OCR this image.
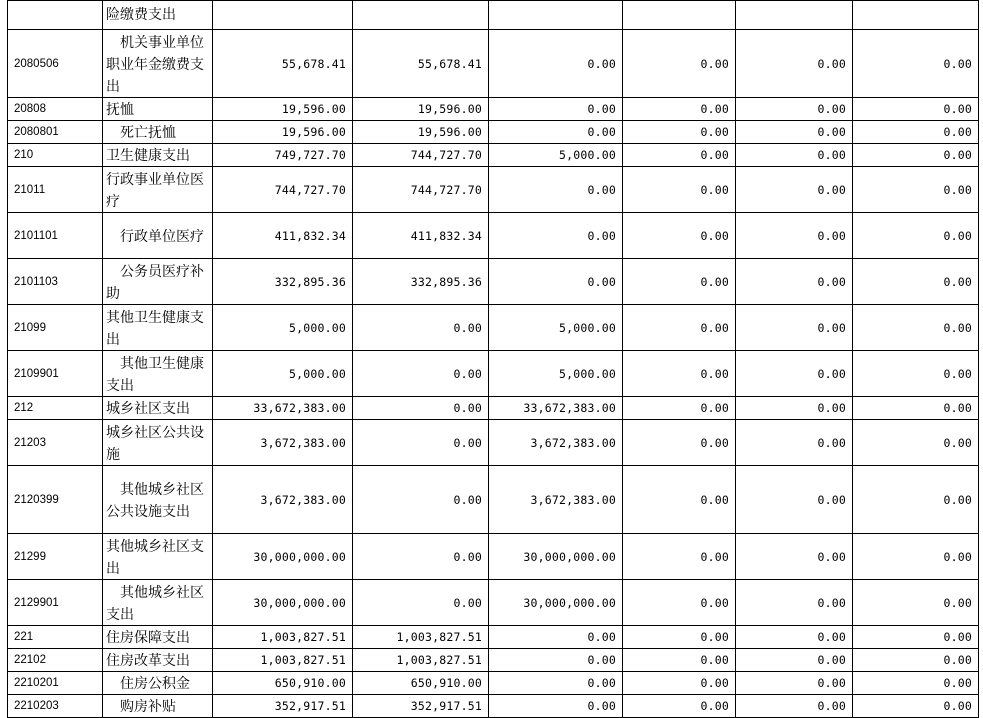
	险缴费支出						
2080506	机关事业单位职业年金缴费支出	55,678.41	55,678.41	0.00	0.00	0.00	0.00
20808	抚恤	19,596.00	19,596.00	0.00	0.00	0.00	0.00
2080801	死亡抚恤	19,596.00	19,596.00	0.00	0.00	0.00	0.00
210	卫生健康支出	749,727.70	744,727.70	5,000.00	0.00	0.00	0.00
21011	行政事业单位医疗	744,727.70	744,727.70	0.00	0.00	0.00	0.00
2101101	行政单位医疗	411,832.34	411,832.34	0.00	0.00	0.00	0.00
2101103	公务员医疗补助	332,895.36	332,895.36	0.00	0.00	0.00	0.00
21099	其他卫生健康支出	5,000.00	0.00	5,000.00	0.00	0.00	0.00
2109901	其他卫生健康支出	5,000.00	0.00	5,000.00	0.00	0.00	0.00
212	城乡社区支出	33,672,383.00	0.00	33,672,383.00	0.00	0.00	0.00
21203	城乡社区公共设施	3,672,383.00	0.00	3,672,383.00	0.00	0.00	0.00
2120399	其他城乡社区公共设施支出	3,672,383.00	0.00	3,672,383.00	0.00	0.00	0.00
21299	其他城乡社区支出	30,000,000.00	0.00	30,000,000.00	0.00	0.00	0.00
2129901	其他城乡社区支出	30,000,000.00	0.00	30,000,000.00	0.00	0.00	0.00
221	住房保障支出	1,003,827.51	1,003,827.51	0.00	0.00	0.00	0.00
22102	住房改革支出	1,003,827.51	1,003,827.51	0.00	0.00	0.00	0.00
2210201	住房公积金	650,910.00	650,910.00	0.00	0.00	0.00	0.00
2210203	购房补贴	352,917.51	352,917.51	0.00	0.00	0.00	0.00
